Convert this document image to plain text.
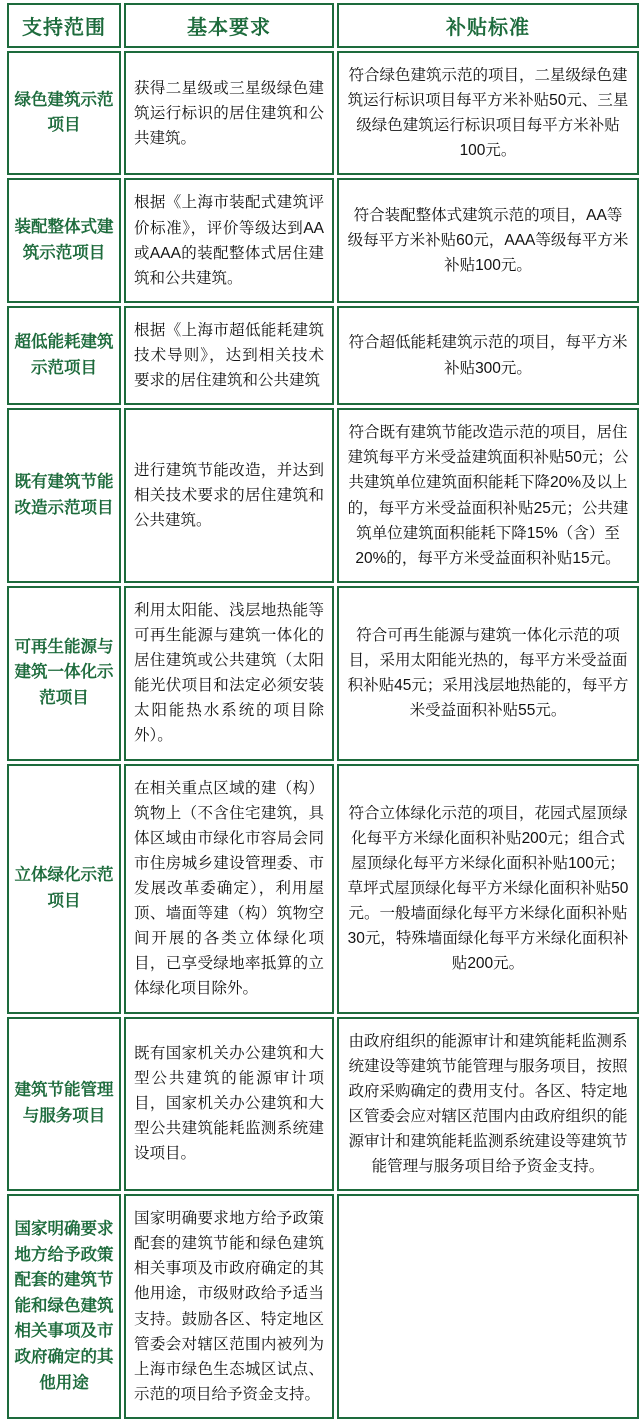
支持范围	基本要求	补贴标准

绿色建筑示范项目	获得二星级或三星级绿色建筑运行标识的居住建筑和公共建筑。	符合绿色建筑示范的项目，二星级绿色建筑运行标识项目每平方米补贴50元、三星级绿色建筑运行标识项目每平方米补贴100元。

装配整体式建筑示范项目	根据《上海市装配式建筑评价标准》，评价等级达到AA或AAA的装配整体式居住建筑和公共建筑。	符合装配整体式建筑示范的项目，AA等级每平方米补贴60元，AAA等级每平方米补贴100元。

超低能耗建筑示范项目	根据《上海市超低能耗建筑技术导则》，达到相关技术要求的居住建筑和公共建筑	符合超低能耗建筑示范的项目，每平方米补贴300元。

既有建筑节能改造示范项目	进行建筑节能改造，并达到相关技术要求的居住建筑和公共建筑。	符合既有建筑节能改造示范的项目，居住建筑每平方米受益建筑面积补贴50元；公共建筑单位建筑面积能耗下降20%及以上的，每平方米受益面积补贴25元；公共建筑单位建筑面积能耗下降15%（含）至20%的，每平方米受益面积补贴15元。

可再生能源与建筑一体化示范项目	利用太阳能、浅层地热能等可再生能源与建筑一体化的居住建筑或公共建筑（太阳能光伏项目和法定必须安装太阳能热水系统的项目除外）。	符合可再生能源与建筑一体化示范的项目，采用太阳能光热的，每平方米受益面积补贴45元；采用浅层地热能的，每平方米受益面积补贴55元。

立体绿化示范项目	在相关重点区域的建（构）筑物上（不含住宅建筑，具体区域由市绿化市容局会同市住房城乡建设管理委、市发展改革委确定），利用屋顶、墙面等建（构）筑物空间开展的各类立体绿化项目，已享受绿地率抵算的立体绿化项目除外。	符合立体绿化示范的项目，花园式屋顶绿化每平方米绿化面积补贴200元；组合式屋顶绿化每平方米绿化面积补贴100元；草坪式屋顶绿化每平方米绿化面积补贴50元。一般墙面绿化每平方米绿化面积补贴30元，特殊墙面绿化每平方米绿化面积补贴200元。

建筑节能管理与服务项目	既有国家机关办公建筑和大型公共建筑的能源审计项目，国家机关办公建筑和大型公共建筑能耗监测系统建设项目。	由政府组织的能源审计和建筑能耗监测系统建设等建筑节能管理与服务项目，按照政府采购确定的费用支付。各区、特定地区管委会应对辖区范围内由政府组织的能源审计和建筑能耗监测系统建设等建筑节能管理与服务项目给予资金支持。

国家明确要求地方给予政策配套的建筑节能和绿色建筑相关事项及市政府确定的其他用途	国家明确要求地方给予政策配套的建筑节能和绿色建筑相关事项及市政府确定的其他用途，市级财政给予适当支持。鼓励各区、特定地区管委会对辖区范围内被列为上海市绿色生态城区试点、示范的项目给予资金支持。	
